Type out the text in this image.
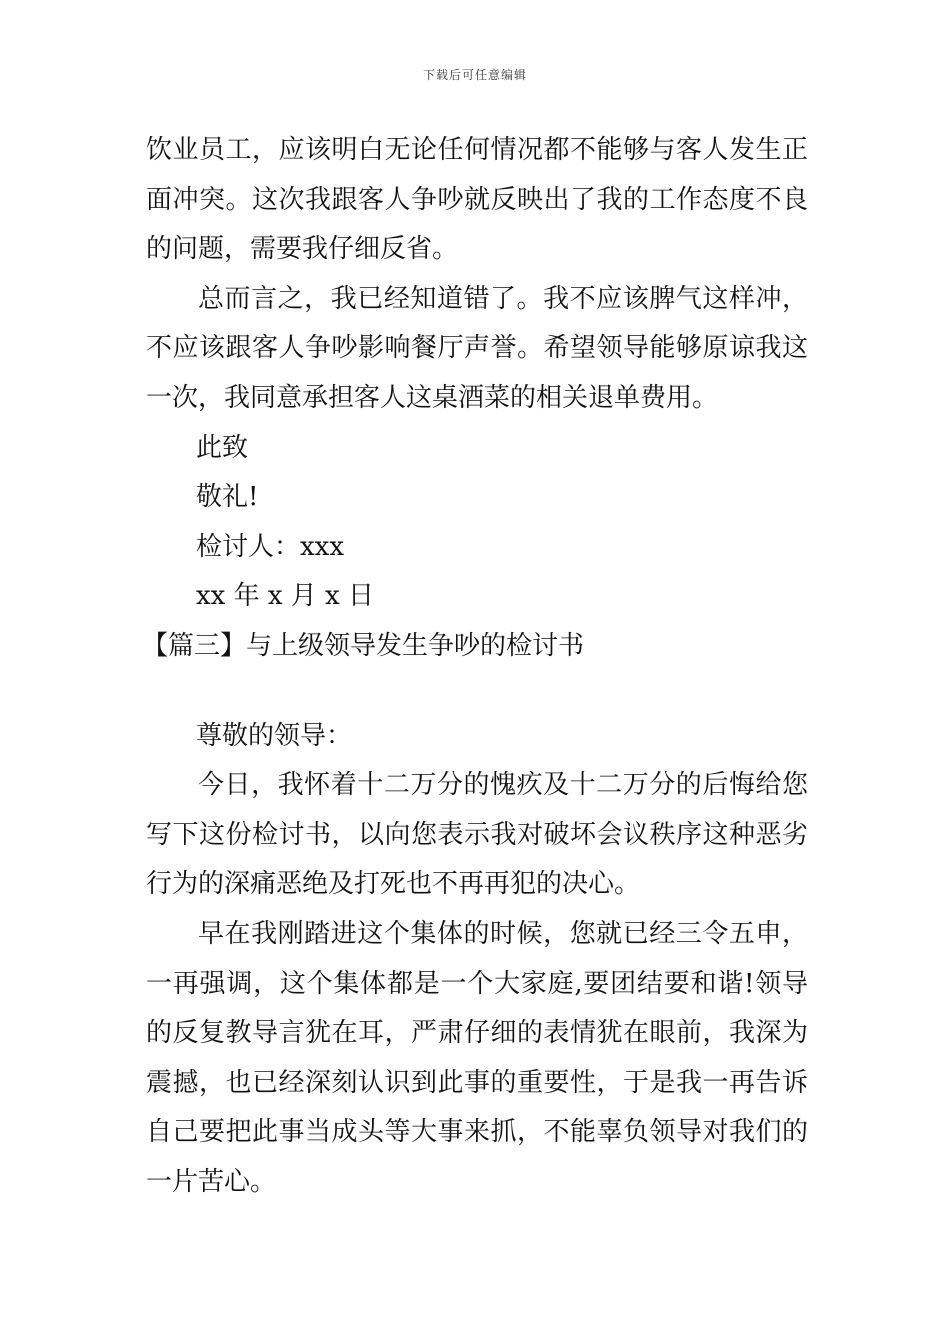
下载后可任意编辑

饮业员工，应该明白无论任何情况都不能够与客人发生正面冲突。这次我跟客人争吵就反映出了我的工作态度不良的问题，需要我仔细反省。

总而言之，我已经知道错了。我不应该脾气这样冲，不应该跟客人争吵影响餐厅声誉。希望领导能够原谅我这一次，我同意承担客人这桌酒菜的相关退单费用。

此致

敬礼!

检讨人：xxx

xx 年 x 月 x 日

【篇三】与上级领导发生争吵的检讨书

尊敬的领导：

今日，我怀着十二万分的愧疚及十二万分的后悔给您写下这份检讨书，以向您表示我对破坏会议秩序这种恶劣行为的深痛恶绝及打死也不再再犯的决心。

早在我刚踏进这个集体的时候，您就已经三令五申，一再强调，这个集体都是一个大家庭,要团结要和谐!领导的反复教导言犹在耳，严肃仔细的表情犹在眼前，我深为震撼，也已经深刻认识到此事的重要性，于是我一再告诉自己要把此事当成头等大事来抓，不能辜负领导对我们的一片苦心。
